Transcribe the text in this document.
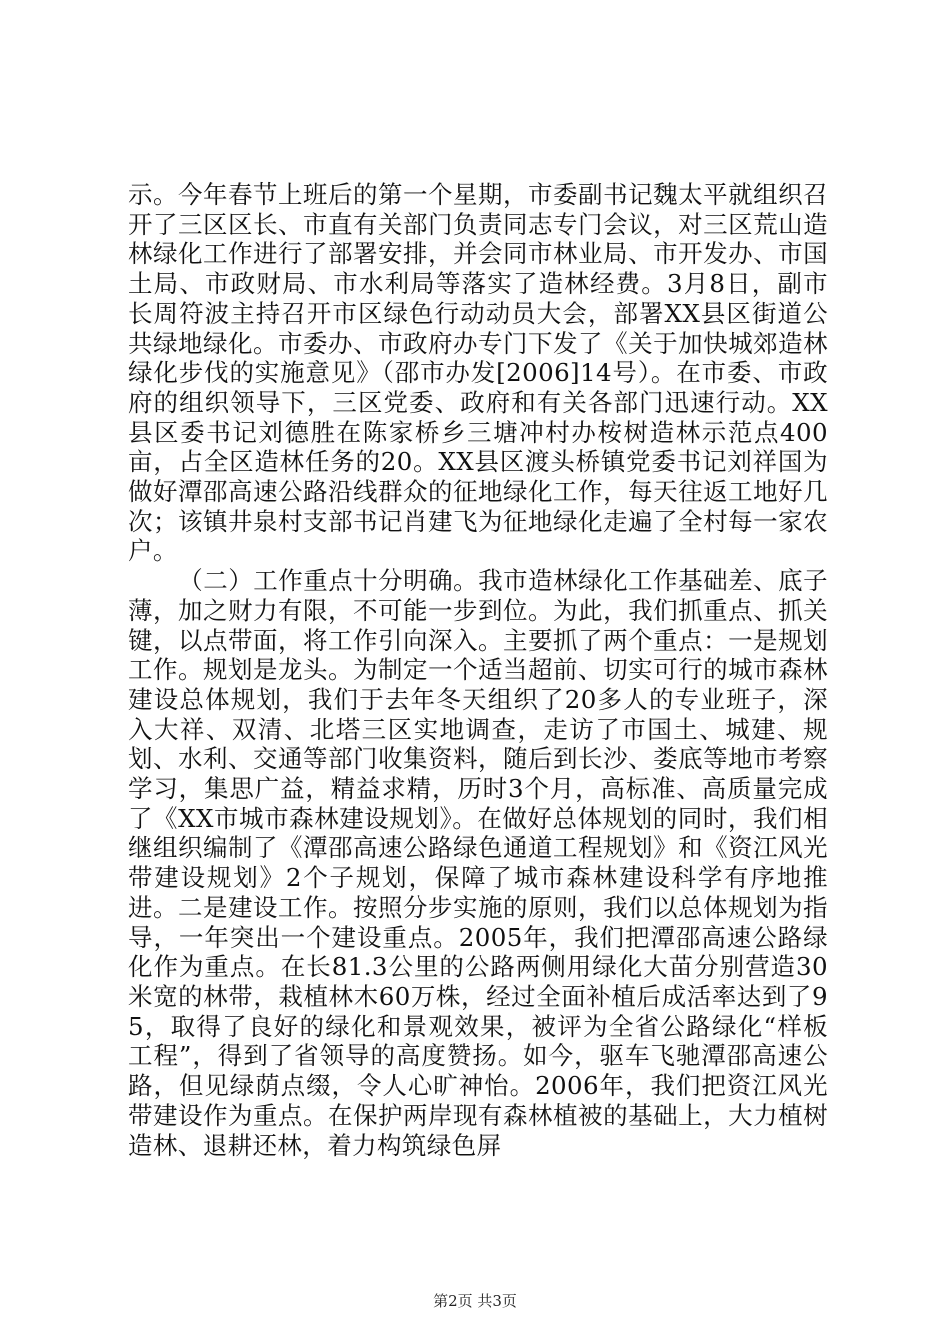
示。今年春节上班后的第一个星期，市委副书记魏太平就组织召开了三区区长、市直有关部门负责同志专门会议，对三区荒山造林绿化工作进行了部署安排，并会同市林业局、市开发办、市国土局、市政财局、市水利局等落实了造林经费。3月8日，副市长周符波主持召开市区绿色行动动员大会，部署XX县区街道公共绿地绿化。市委办、市政府办专门下发了《关于加快城郊造林绿化步伐的实施意见》（邵市办发[2006]14号）。在市委、市政府的组织领导下，三区党委、政府和有关各部门迅速行动。XX县区委书记刘德胜在陈家桥乡三塘冲村办桉树造林示范点400亩，占全区造林任务的20。XX县区渡头桥镇党委书记刘祥国为做好潭邵高速公路沿线群众的征地绿化工作，每天往返工地好几次；该镇井泉村支部书记肖建飞为征地绿化走遍了全村每一家农户。

（二）工作重点十分明确。我市造林绿化工作基础差、底子薄，加之财力有限，不可能一步到位。为此，我们抓重点、抓关键，以点带面，将工作引向深入。主要抓了两个重点：一是规划工作。规划是龙头。为制定一个适当超前、切实可行的城市森林建设总体规划，我们于去年冬天组织了20多人的专业班子，深入大祥、双清、北塔三区实地调查，走访了市国土、城建、规划、水利、交通等部门收集资料，随后到长沙、娄底等地市考察学习，集思广益，精益求精，历时3个月，高标准、高质量完成了《XX市城市森林建设规划》。在做好总体规划的同时，我们相继组织编制了《潭邵高速公路绿色通道工程规划》和《资江风光带建设规划》2个子规划，保障了城市森林建设科学有序地推进。二是建设工作。按照分步实施的原则，我们以总体规划为指导，一年突出一个建设重点。2005年，我们把潭邵高速公路绿化作为重点。在长81.3公里的公路两侧用绿化大苗分别营造30米宽的林带，栽植林木60万株，经过全面补植后成活率达到了95，取得了良好的绿化和景观效果，被评为全省公路绿化“样板工程”，得到了省领导的高度赞扬。如今，驱车飞驰潭邵高速公路，但见绿荫点缀，令人心旷神怡。2006年，我们把资江风光带建设作为重点。在保护两岸现有森林植被的基础上，大力植树造林、退耕还林，着力构筑绿色屏

第2页 共3页
